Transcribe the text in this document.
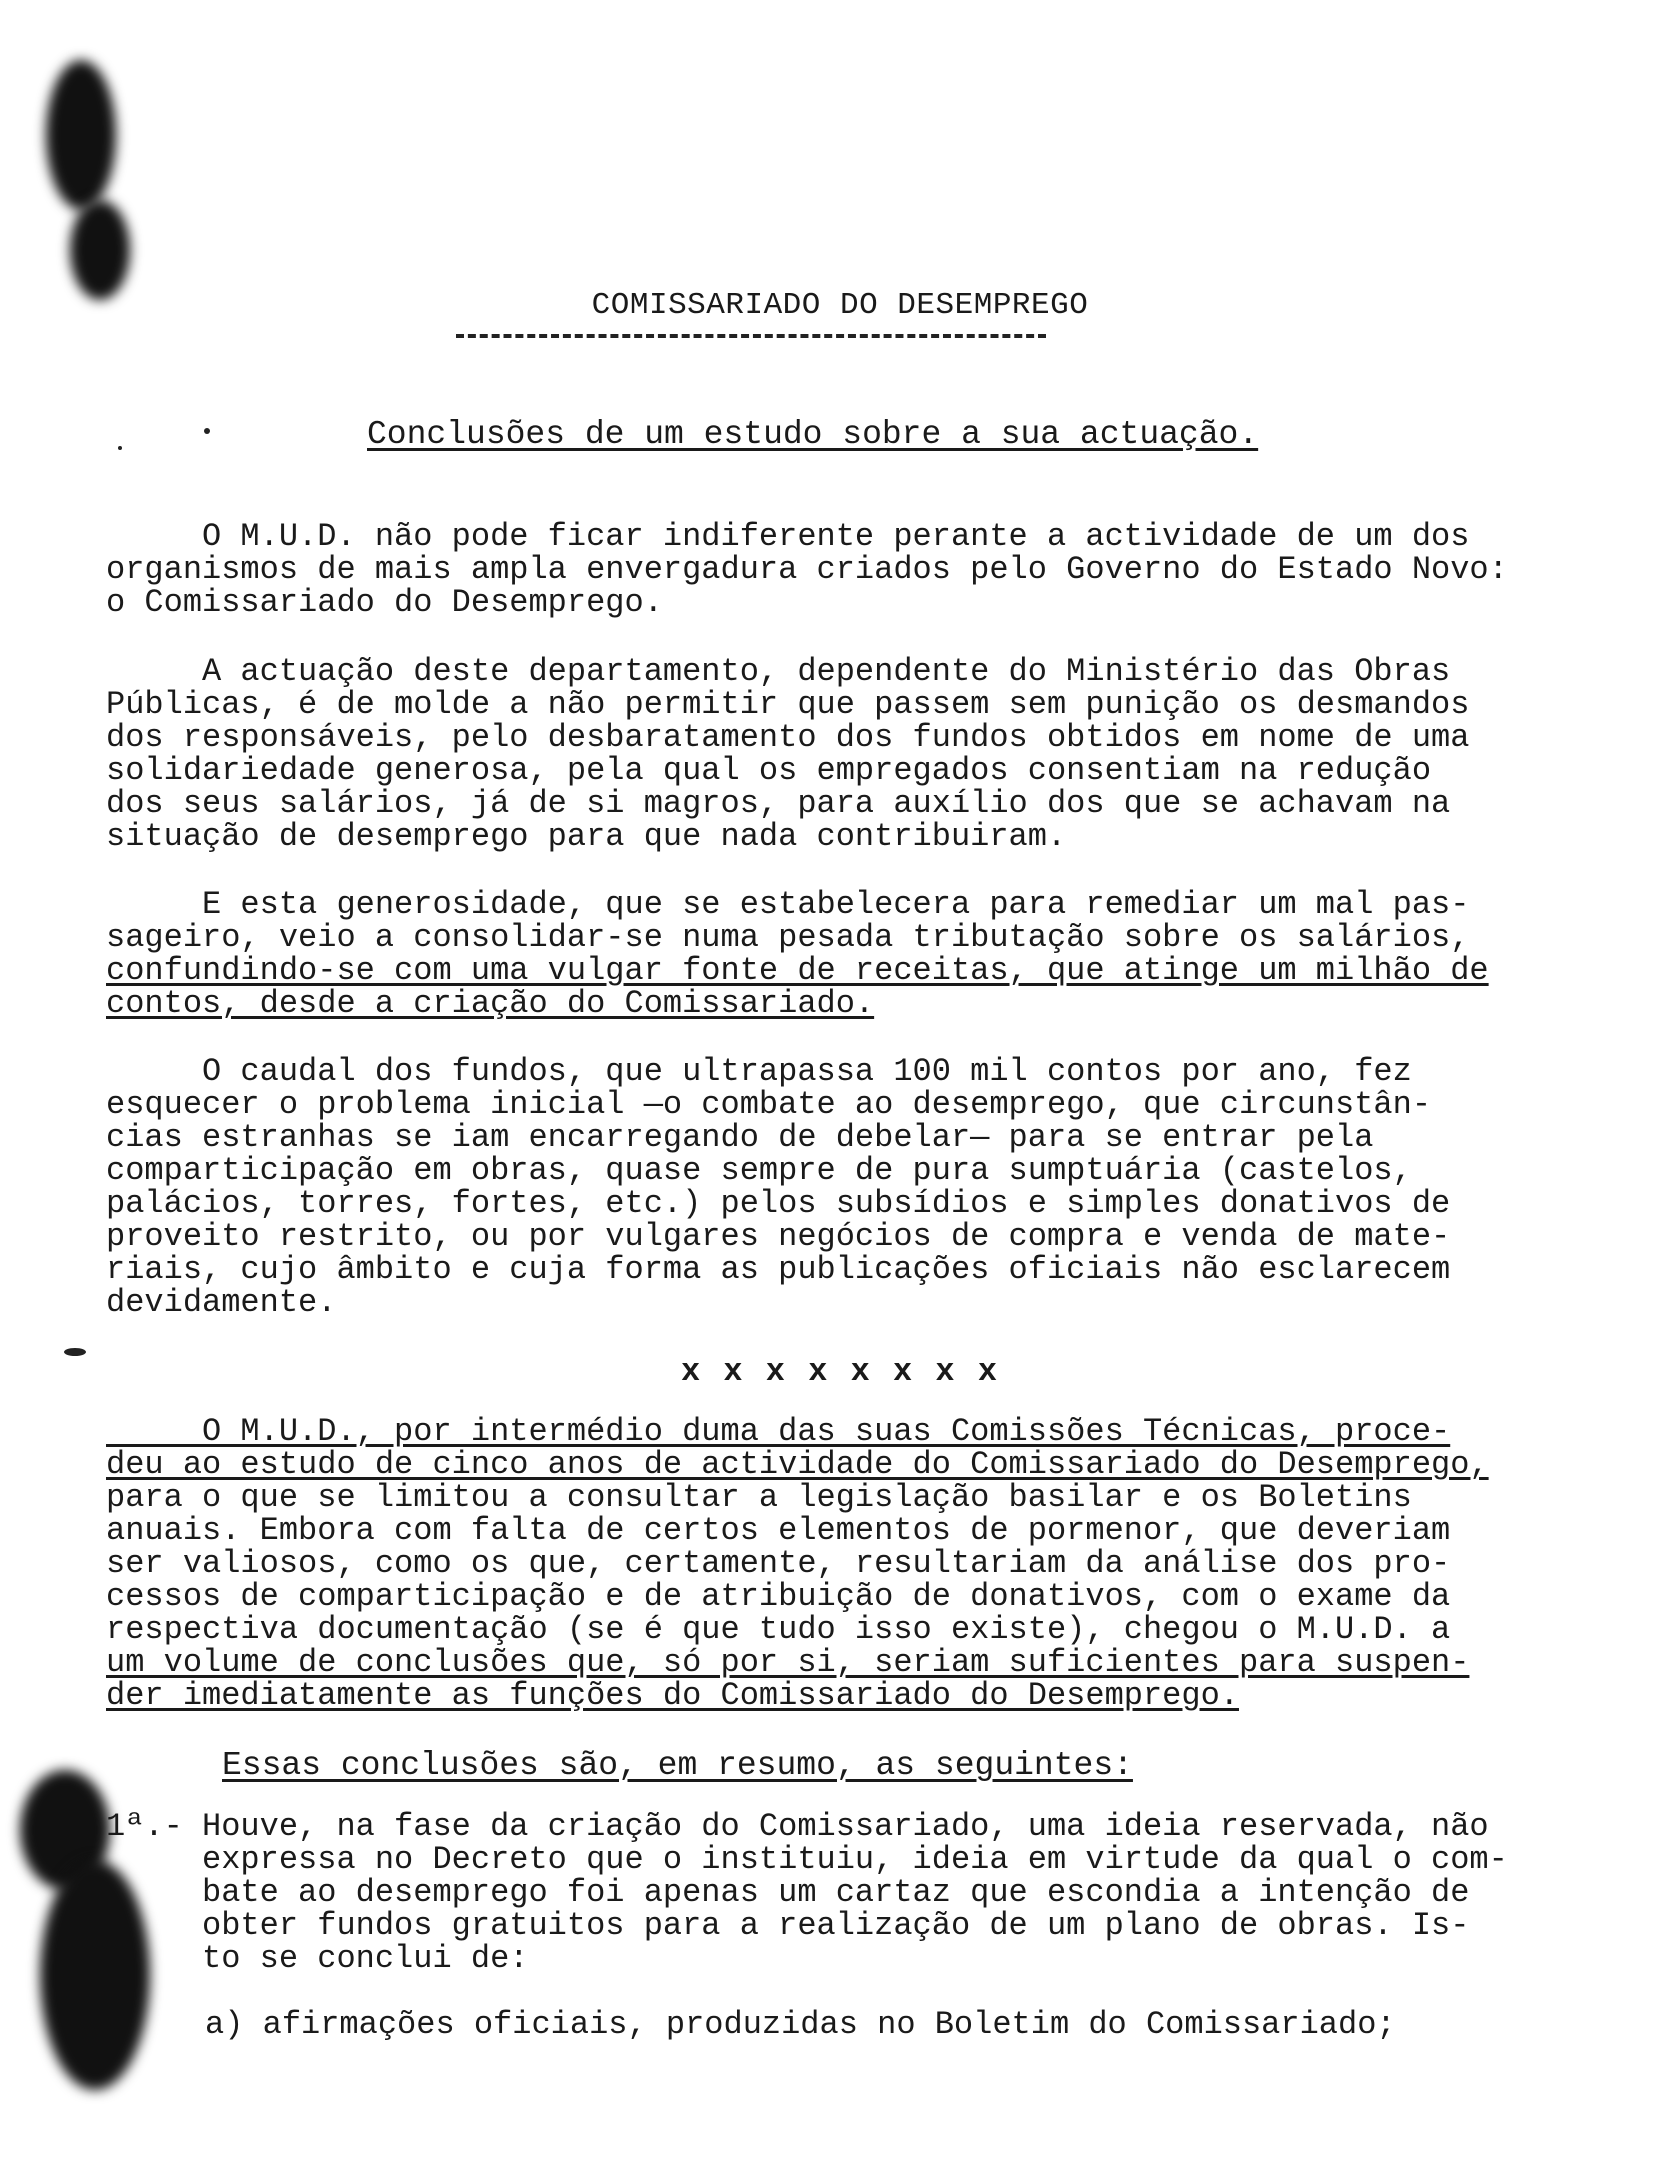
COMISSARIADO DO DESEMPREGO
Conclusões de um estudo sobre a sua actuação.
O M.U.D. não pode ficar indiferente perante a actividade de um dos
organismos de mais ampla envergadura criados pelo Governo do Estado Novo:
o Comissariado do Desemprego.
A actuação deste departamento, dependente do Ministério das Obras
Públicas, é de molde a não permitir que passem sem punição os desmandos
dos responsáveis, pelo desbaratamento dos fundos obtidos em nome de uma
solidariedade generosa, pela qual os empregados consentiam na redução
dos seus salários, já de si magros, para auxílio dos que se achavam na
situação de desemprego para que nada contribuiram.
E esta generosidade, que se estabelecera para remediar um mal pas-
sageiro, veio a consolidar-se numa pesada tributação sobre os salários,
confundindo-se com uma vulgar fonte de receitas, que atinge um milhão de
contos, desde a criação do Comissariado.
O caudal dos fundos, que ultrapassa 100 mil contos por ano, fez
esquecer o problema inicial —o combate ao desemprego, que circunstân-
cias estranhas se iam encarregando de debelar— para se entrar pela
comparticipação em obras, quase sempre de pura sumptuária (castelos,
palácios, torres, fortes, etc.) pelos subsídios e simples donativos de
proveito restrito, ou por vulgares negócios de compra e venda de mate-
riais, cujo âmbito e cuja forma as publicações oficiais não esclarecem
devidamente.
x x x x x x x x
O M.U.D., por intermédio duma das suas Comissões Técnicas, proce-
deu ao estudo de cinco anos de actividade do Comissariado do Desemprego,
para o que se limitou a consultar a legislação basilar e os Boletins
anuais. Embora com falta de certos elementos de pormenor, que deveriam
ser valiosos, como os que, certamente, resultariam da análise dos pro-
cessos de comparticipação e de atribuição de donativos, com o exame da
respectiva documentação (se é que tudo isso existe), chegou o M.U.D. a
um volume de conclusões que, só por si, seriam suficientes para suspen-
der imediatamente as funções do Comissariado do Desemprego.
Essas conclusões são, em resumo, as seguintes:
1ª.- Houve, na fase da criação do Comissariado, uma ideia reservada, não
expressa no Decreto que o instituiu, ideia em virtude da qual o com-
bate ao desemprego foi apenas um cartaz que escondia a intenção de
obter fundos gratuitos para a realização de um plano de obras. Is-
to se conclui de:
a) afirmações oficiais, produzidas no Boletim do Comissariado;
